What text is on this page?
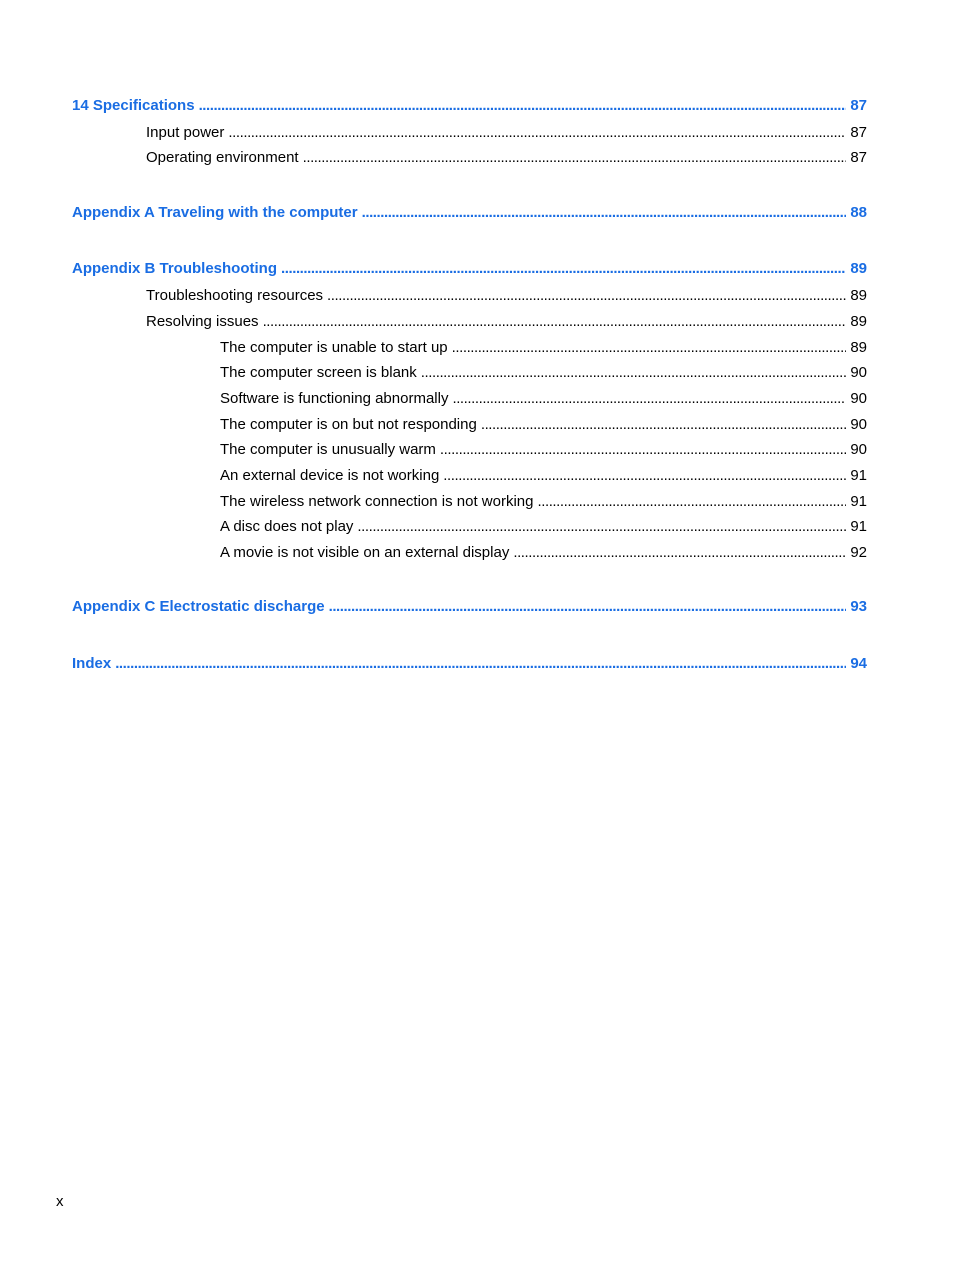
14 Specifications . . .	87
Input power . . .	87
Operating environment . . .	87
Appendix A Traveling with the computer . . .	88
Appendix B Troubleshooting . . .	89
Troubleshooting resources . . .	89
Resolving issues . . .	89
The computer is unable to start up . . .	89
The computer screen is blank . . .	90
Software is functioning abnormally . . .	90
The computer is on but not responding . . .	90
The computer is unusually warm . . .	90
An external device is not working . . .	91
The wireless network connection is not working . . .	91
A disc does not play . . .	91
A movie is not visible on an external display . . .	92
Appendix C Electrostatic discharge . . .	93
Index . . .	94
x
